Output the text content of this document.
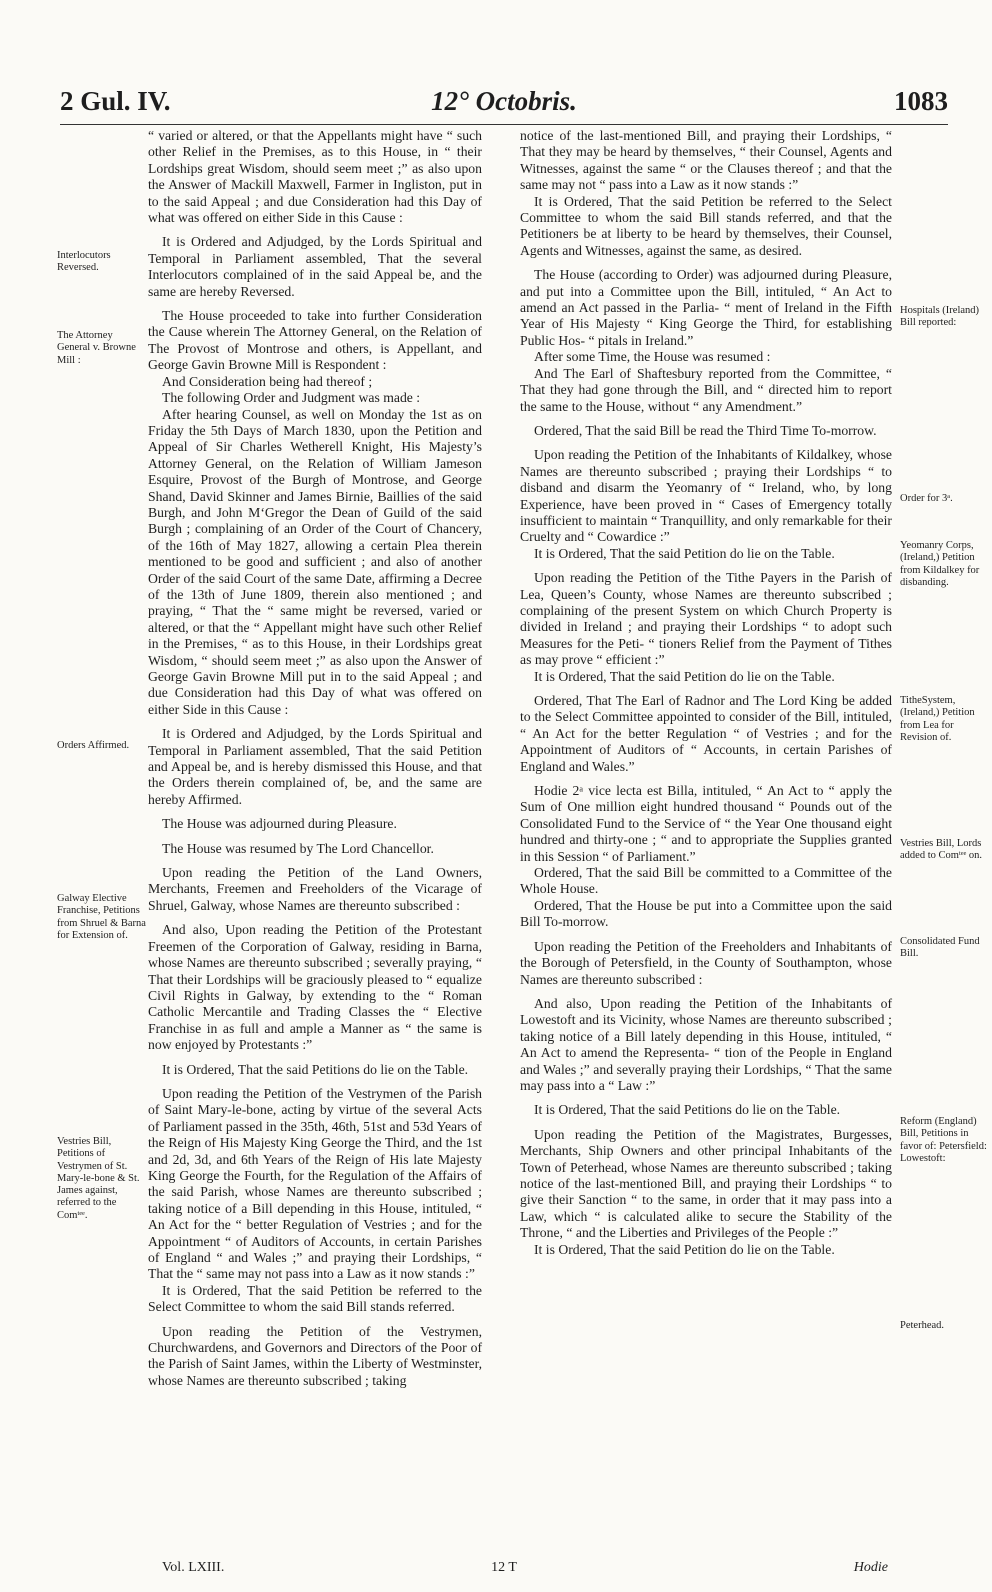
2 Gul. IV.	12° Octobris.	1083

“ varied or altered, or that the Appellants might have “ such other Relief in the Premises, as to this House, in “ their Lordships great Wisdom, should seem meet ;” as also upon the Answer of Mackill Maxwell, Farmer in Ingliston, put in to the said Appeal ; and due Consideration had this Day of what was offered on either Side in this Cause :

It is Ordered and Adjudged, by the Lords Spiritual and Temporal in Parliament assembled, That the several Interlocutors complained of in the said Appeal be, and the same are hereby Reversed.

The House proceeded to take into further Consideration the Cause wherein The Attorney General, on the Relation of The Provost of Montrose and others, is Appellant, and George Gavin Browne Mill is Respondent :

And Consideration being had thereof ;

The following Order and Judgment was made :

After hearing Counsel, as well on Monday the 1st as on Friday the 5th Days of March 1830, upon the Petition and Appeal of Sir Charles Wetherell Knight, His Majesty’s Attorney General, on the Relation of William Jameson Esquire, Provost of the Burgh of Montrose, and George Shand, David Skinner and James Birnie, Baillies of the said Burgh, and John M‘Gregor the Dean of Guild of the said Burgh ; complaining of an Order of the Court of Chancery, of the 16th of May 1827, allowing a certain Plea therein mentioned to be good and sufficient ; and also of another Order of the said Court of the same Date, affirming a Decree of the 13th of June 1809, therein also mentioned ; and praying, “ That the “ same might be reversed, varied or altered, or that the “ Appellant might have such other Relief in the Premises, “ as to this House, in their Lordships great Wisdom, “ should seem meet ;” as also upon the Answer of George Gavin Browne Mill put in to the said Appeal ; and due Consideration had this Day of what was offered on either Side in this Cause :

It is Ordered and Adjudged, by the Lords Spiritual and Temporal in Parliament assembled, That the said Petition and Appeal be, and is hereby dismissed this House, and that the Orders therein complained of, be, and the same are hereby Affirmed.

The House was adjourned during Pleasure.

The House was resumed by The Lord Chancellor.

Upon reading the Petition of the Land Owners, Merchants, Freemen and Freeholders of the Vicarage of Shruel, Galway, whose Names are thereunto subscribed :

And also, Upon reading the Petition of the Protestant Freemen of the Corporation of Galway, residing in Barna, whose Names are thereunto subscribed ; severally praying, “ That their Lordships will be graciously pleased to “ equalize Civil Rights in Galway, by extending to the “ Roman Catholic Mercantile and Trading Classes the “ Elective Franchise in as full and ample a Manner as “ the same is now enjoyed by Protestants :”

It is Ordered, That the said Petitions do lie on the Table.

Upon reading the Petition of the Vestrymen of the Parish of Saint Mary-le-bone, acting by virtue of the several Acts of Parliament passed in the 35th, 46th, 51st and 53d Years of the Reign of His Majesty King George the Third, and the 1st and 2d, 3d, and 6th Years of the Reign of His late Majesty King George the Fourth, for the Regulation of the Affairs of the said Parish, whose Names are thereunto subscribed ; taking notice of a Bill depending in this House, intituled, “ An Act for the “ better Regulation of Vestries ; and for the Appointment “ of Auditors of Accounts, in certain Parishes of England “ and Wales ;” and praying their Lordships, “ That the “ same may not pass into a Law as it now stands :”

It is Ordered, That the said Petition be referred to the Select Committee to whom the said Bill stands referred.

Upon reading the Petition of the Vestrymen, Churchwardens, and Governors and Directors of the Poor of the Parish of Saint James, within the Liberty of Westminster, whose Names are thereunto subscribed ; taking

notice of the last-mentioned Bill, and praying their Lordships, “ That they may be heard by themselves, “ their Counsel, Agents and Witnesses, against the same “ or the Clauses thereof ; and that the same may not “ pass into a Law as it now stands :”

It is Ordered, That the said Petition be referred to the Select Committee to whom the said Bill stands referred, and that the Petitioners be at liberty to be heard by themselves, their Counsel, Agents and Witnesses, against the same, as desired.

The House (according to Order) was adjourned during Pleasure, and put into a Committee upon the Bill, intituled, “ An Act to amend an Act passed in the Parlia- “ ment of Ireland in the Fifth Year of His Majesty “ King George the Third, for establishing Public Hos- “ pitals in Ireland.”

After some Time, the House was resumed :

And The Earl of Shaftesbury reported from the Committee, “ That they had gone through the Bill, and “ directed him to report the same to the House, without “ any Amendment.”

Ordered, That the said Bill be read the Third Time To-morrow.

Upon reading the Petition of the Inhabitants of Kildalkey, whose Names are thereunto subscribed ; praying their Lordships “ to disband and disarm the Yeomanry of “ Ireland, who, by long Experience, have been proved in “ Cases of Emergency totally insufficient to maintain “ Tranquillity, and only remarkable for their Cruelty and “ Cowardice :”

It is Ordered, That the said Petition do lie on the Table.

Upon reading the Petition of the Tithe Payers in the Parish of Lea, Queen’s County, whose Names are thereunto subscribed ; complaining of the present System on which Church Property is divided in Ireland ; and praying their Lordships “ to adopt such Measures for the Peti- “ tioners Relief from the Payment of Tithes as may prove “ efficient :”

It is Ordered, That the said Petition do lie on the Table.

Ordered, That The Earl of Radnor and The Lord King be added to the Select Committee appointed to consider of the Bill, intituled, “ An Act for the better Regulation “ of Vestries ; and for the Appointment of Auditors of “ Accounts, in certain Parishes of England and Wales.”

Hodie 2ᵃ vice lecta est Billa, intituled, “ An Act to “ apply the Sum of One million eight hundred thousand “ Pounds out of the Consolidated Fund to the Service of “ the Year One thousand eight hundred and thirty-one ; “ and to appropriate the Supplies granted in this Session “ of Parliament.”

Ordered, That the said Bill be committed to a Committee of the Whole House.

Ordered, That the House be put into a Committee upon the said Bill To-morrow.

Upon reading the Petition of the Freeholders and Inhabitants of the Borough of Petersfield, in the County of Southampton, whose Names are thereunto subscribed :

And also, Upon reading the Petition of the Inhabitants of Lowestoft and its Vicinity, whose Names are thereunto subscribed ; taking notice of a Bill lately depending in this House, intituled, “ An Act to amend the Representa- “ tion of the People in England and Wales ;” and severally praying their Lordships, “ That the same may pass into a “ Law :”

It is Ordered, That the said Petitions do lie on the Table.

Upon reading the Petition of the Magistrates, Burgesses, Merchants, Ship Owners and other principal Inhabitants of the Town of Peterhead, whose Names are thereunto subscribed ; taking notice of the last-mentioned Bill, and praying their Lordships “ to give their Sanction “ to the same, in order that it may pass into a Law, which “ is calculated alike to secure the Stability of the Throne, “ and the Liberties and Privileges of the People :”

It is Ordered, That the said Petition do lie on the Table.

Interlocutors Reversed.
The Attorney General v. Browne Mill :
Orders Affirmed.
Galway Elective Franchise, Petitions from Shruel & Barna for Extension of.
Vestries Bill, Petitions of Vestrymen of St. Mary-le-bone & St. James against, referred to the Comᵗᵉᵉ.
Hospitals (Ireland) Bill reported:
Order for 3ᵃ.
Yeomanry Corps, (Ireland,) Petition from Kildalkey for disbanding.
TitheSystem, (Ireland,) Petition from Lea for Revision of.
Vestries Bill, Lords added to Comᵗᵉᵉ on.
Consolidated Fund Bill.
Reform (England) Bill, Petitions in favor of: Petersfield: Lowestoft:
Peterhead.
Vol. LXIII.	12 T	Hodie
